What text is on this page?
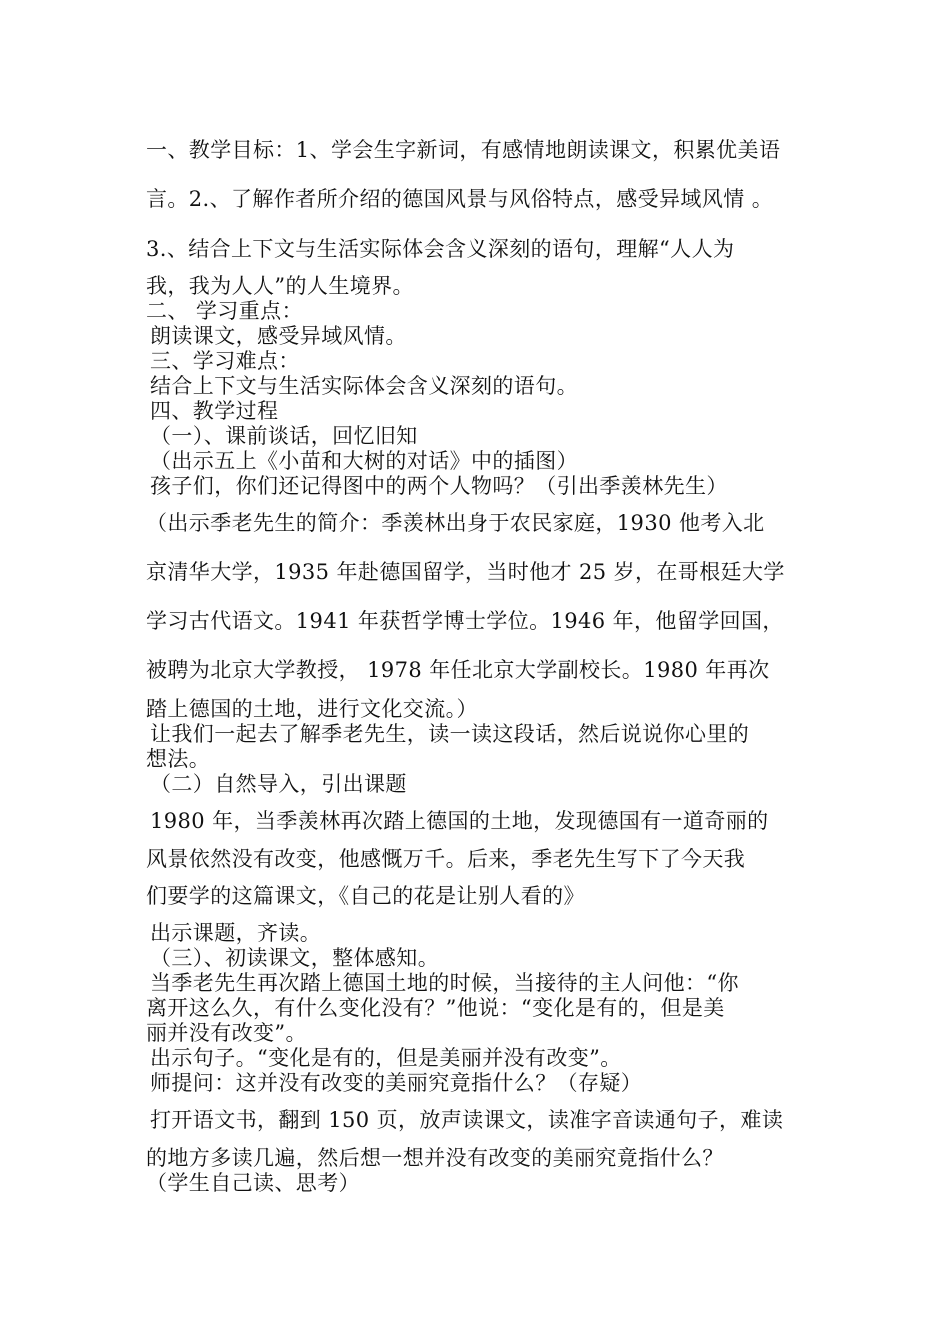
一、教学目标：1、学会生字新词，有感情地朗读课文，积累优美语
言。2.、了解作者所介绍的德国风景与风俗特点，感受异域风情 。
3.、结合上下文与生活实际体会含义深刻的语句，理解“人人为
我，我为人人”的人生境界。
二、 学习重点：
朗读课文，感受异域风情。
三、学习难点：
结合上下文与生活实际体会含义深刻的语句。
四、教学过程
（一）、课前谈话，回忆旧知
（出示五上《小苗和大树的对话》中的插图）
孩子们，你们还记得图中的两个人物吗？（引出季羡林先生）
（出示季老先生的简介：季羡林出身于农民家庭，1930 他考入北
京清华大学，1935 年赴德国留学，当时他才 25 岁，在哥根廷大学
学习古代语文。1941 年获哲学博士学位。1946 年，他留学回国，
被聘为北京大学教授， 1978 年任北京大学副校长。1980 年再次
踏上德国的土地，进行文化交流。）
让我们一起去了解季老先生，读一读这段话，然后说说你心里的
想法。
（二）自然导入，引出课题
1980 年，当季羡林再次踏上德国的土地，发现德国有一道奇丽的
风景依然没有改变，他感慨万千。后来，季老先生写下了今天我
们要学的这篇课文，《自己的花是让别人看的》
出示课题，齐读。
（三）、初读课文，整体感知。
当季老先生再次踏上德国土地的时候，当接待的主人问他：“你
离开这么久，有什么变化没有？”他说：“变化是有的，但是美
丽并没有改变”。
出示句子。“变化是有的，但是美丽并没有改变”。
师提问：这并没有改变的美丽究竟指什么？（存疑）
打开语文书，翻到 150 页，放声读课文，读准字音读通句子，难读
的地方多读几遍，然后想一想并没有改变的美丽究竟指什么？
（学生自己读、思考）
